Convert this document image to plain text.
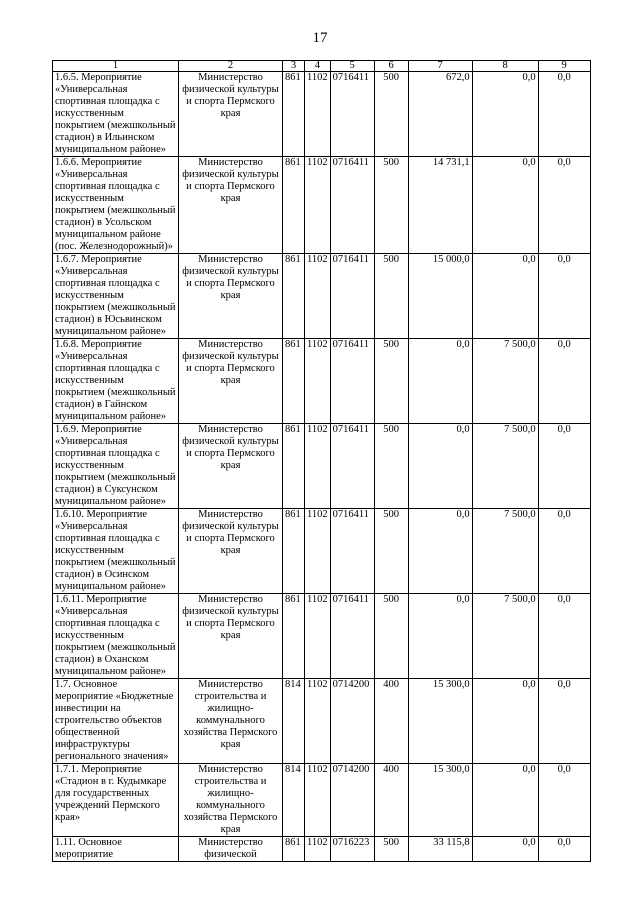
17
1	2	3	4	5	6	7	8	9
1.6.5. Мероприятие «Универсальная спортивная площадка с искусственным покрытием (межшкольный стадион) в Ильинском муниципальном районе»	Министерство физической культуры и спорта Пермского края	861	1102	0716411	500	672,0	0,0	0,0
1.6.6. Мероприятие «Универсальная спортивная площадка с искусственным покрытием (межшкольный стадион) в Усольском муниципальном районе (пос. Железнодорожный)»	Министерство физической культуры и спорта Пермского края	861	1102	0716411	500	14 731,1	0,0	0,0
1.6.7. Мероприятие «Универсальная спортивная площадка с искусственным покрытием (межшкольный стадион) в Юсьвинском муниципальном районе»	Министерство физической культуры и спорта Пермского края	861	1102	0716411	500	15 000,0	0,0	0,0
1.6.8. Мероприятие «Универсальная спортивная площадка с искусственным покрытием (межшкольный стадион) в Гайнском муниципальном районе»	Министерство физической культуры и спорта Пермского края	861	1102	0716411	500	0,0	7 500,0	0,0
1.6.9. Мероприятие «Универсальная спортивная площадка с искусственным покрытием (межшкольный стадион) в Суксунском муниципальном районе»	Министерство физической культуры и спорта Пермского края	861	1102	0716411	500	0,0	7 500,0	0,0
1.6.10. Мероприятие «Универсальная спортивная площадка с искусственным покрытием (межшкольный стадион) в Осинском муниципальном районе»	Министерство физической культуры и спорта Пермского края	861	1102	0716411	500	0,0	7 500,0	0,0
1.6.11. Мероприятие «Универсальная спортивная площадка с искусственным покрытием (межшкольный стадион) в Оханском муниципальном районе»	Министерство физической культуры и спорта Пермского края	861	1102	0716411	500	0,0	7 500,0	0,0
1.7. Основное мероприятие «Бюджетные инвестиции на строительство объектов общественной инфраструктуры регионального значения»	Министерство строительства и жилищно-коммунального хозяйства Пермского края	814	1102	0714200	400	15 300,0	0,0	0,0
1.7.1. Мероприятие «Стадион в г. Кудымкаре для государственных учреждений Пермского края»	Министерство строительства и жилищно-коммунального хозяйства Пермского края	814	1102	0714200	400	15 300,0	0,0	0,0
1.11. Основное мероприятие	Министерство физической	861	1102	0716223	500	33 115,8	0,0	0,0
